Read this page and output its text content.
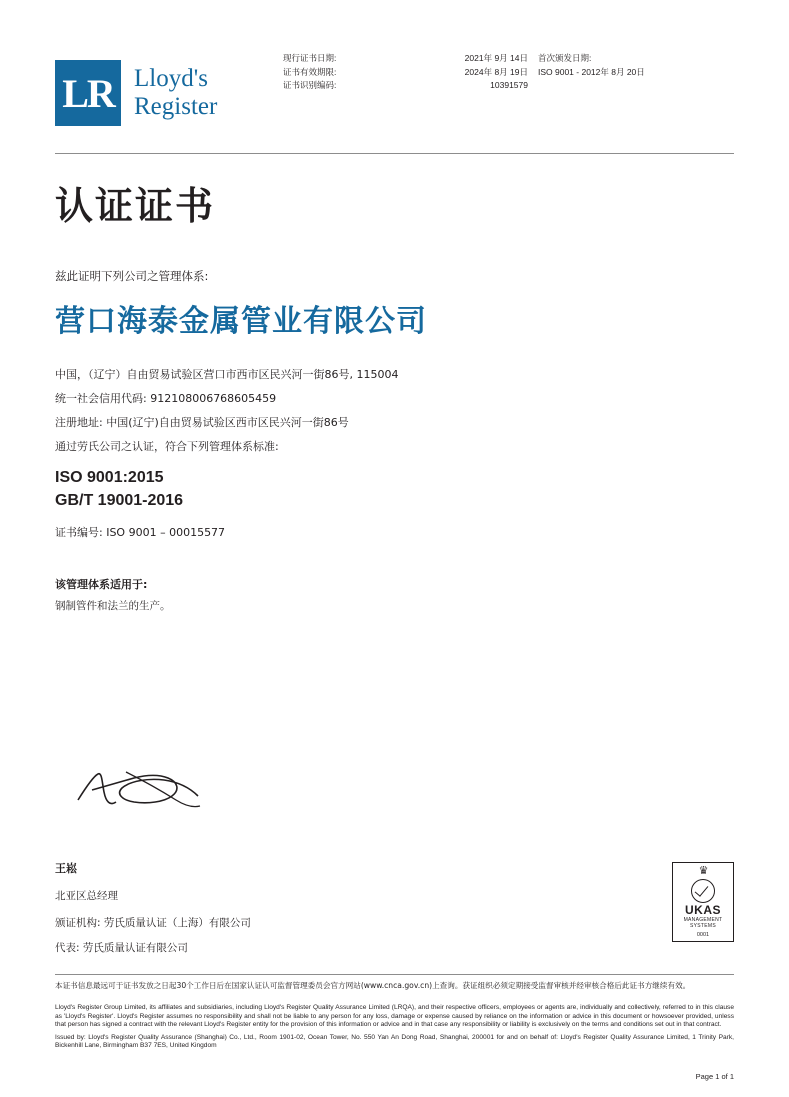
LR Lloyd's
Register
现行证书日期:
证书有效期限:
证书识别编码:
2021年 9月 14日
2024年 8月 19日
10391579
首次颁发日期:
ISO 9001 - 2012年 8月 20日
认证证书
兹此证明下列公司之管理体系:
营口海泰金属管业有限公司
中国，（辽宁）自由贸易试验区营口市西市区民兴河一街86号, 115004
统一社会信用代码: 912108006768605459
注册地址: 中国(辽宁)自由贸易试验区西市区民兴河一街86号
通过劳氏公司之认证，符合下列管理体系标准:
ISO 9001:2015
GB/T 19001-2016
证书编号: ISO 9001 – 00015577
该管理体系适用于:
钢制管件和法兰的生产。
王崧
北亚区总经理
颁证机构: 劳氏质量认证（上海）有限公司
代表: 劳氏质量认证有限公司
♛
UKAS
MANAGEMENT
SYSTEMS
0001
本证书信息最远可于证书发放之日起30个工作日后在国家认证认可监督管理委员会官方网站(www.cnca.gov.cn)上查询。获证组织必须定期接受监督审核并经审核合格后此证书方继续有效。

Lloyd's Register Group Limited, its affiliates and subsidiaries, including Lloyd's Register Quality Assurance Limited (LRQA), and their respective officers, employees or agents are, individually and collectively, referred to in this clause as 'Lloyd's Register'. Lloyd's Register assumes no responsibility and shall not be liable to any person for any loss, damage or expense caused by reliance on the information or advice in this document or howsoever provided, unless that person has signed a contract with the relevant Lloyd's Register entity for the provision of this information or advice and in that case any responsibility or liability is exclusively on the terms and conditions set out in that contract.

Issued by: Lloyd's Register Quality Assurance (Shanghai) Co., Ltd., Room 1901-02, Ocean Tower, No. 550 Yan An Dong Road, Shanghai, 200001 for and on behalf of: Lloyd's Register Quality Assurance Limited, 1 Trinity Park, Bickenhill Lane, Birmingham B37 7ES, United Kingdom

Page 1 of 1
